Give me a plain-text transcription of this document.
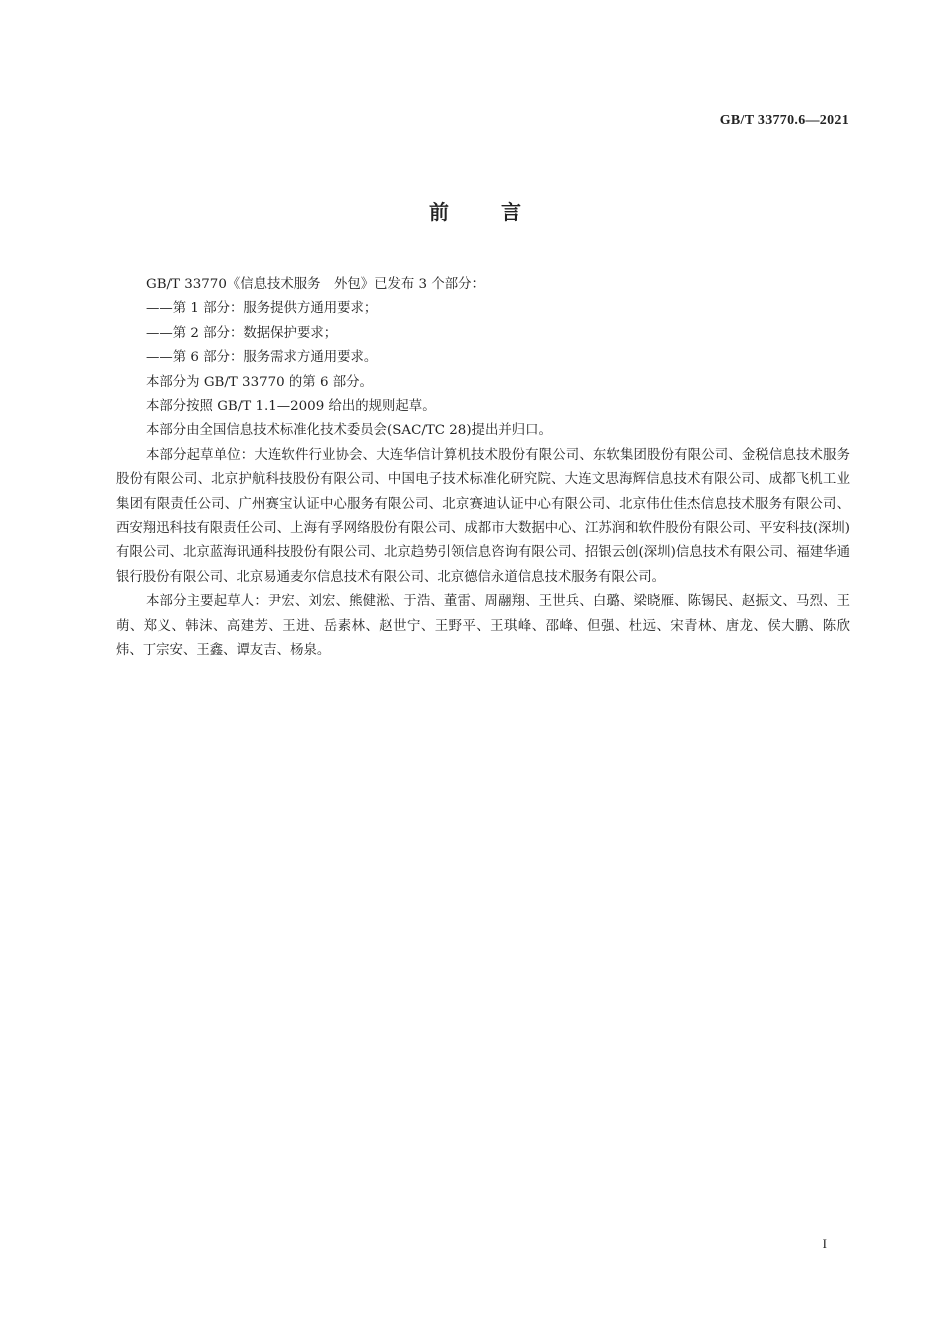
GB/T 33770.6—2021
前言

GB/T 33770《信息技术服务　外包》已发布 3 个部分：

——第 1 部分：服务提供方通用要求；

——第 2 部分：数据保护要求；

——第 6 部分：服务需求方通用要求。

本部分为 GB/T 33770 的第 6 部分。

本部分按照 GB/T 1.1—2009 给出的规则起草。

本部分由全国信息技术标准化技术委员会(SAC/TC 28)提出并归口。

本部分起草单位：大连软件行业协会、大连华信计算机技术股份有限公司、东软集团股份有限公司、金税信息技术服务股份有限公司、北京护航科技股份有限公司、中国电子技术标准化研究院、大连文思海辉信息技术有限公司、成都飞机工业集团有限责任公司、广州赛宝认证中心服务有限公司、北京赛迪认证中心有限公司、北京伟仕佳杰信息技术服务有限公司、西安翔迅科技有限责任公司、上海有孚网络股份有限公司、成都市大数据中心、江苏润和软件股份有限公司、平安科技(深圳)有限公司、北京蓝海讯通科技股份有限公司、北京趋势引领信息咨询有限公司、招银云创(深圳)信息技术有限公司、福建华通银行股份有限公司、北京易通麦尔信息技术有限公司、北京德信永道信息技术服务有限公司。

本部分主要起草人：尹宏、刘宏、熊健淞、于浩、董雷、周翮翔、王世兵、白璐、梁晓雁、陈锡民、赵振文、马烈、王萌、郑义、韩沫、高建芳、王进、岳素林、赵世宁、王野平、王琪峰、邵峰、但强、杜远、宋青林、唐龙、侯大鹏、陈欣炜、丁宗安、王鑫、谭友吉、杨泉。

I
